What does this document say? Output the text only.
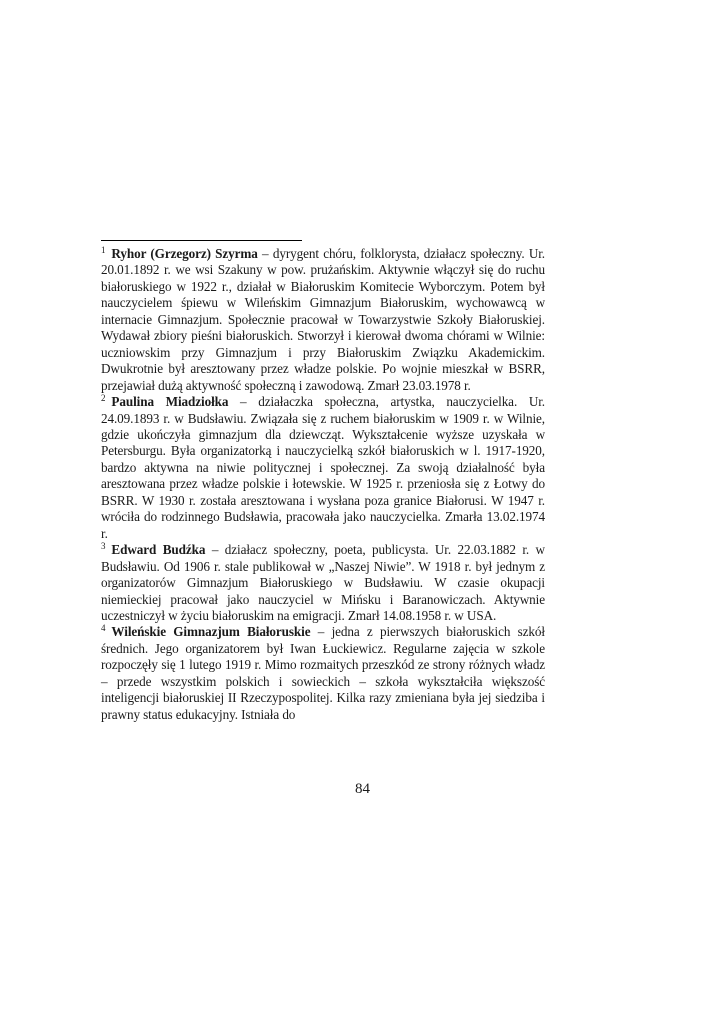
$^1$ Ryhor (Grzegorz) Szyrma – dyrygent chóru, folklorysta, działacz społeczny. Ur. 20.01.1892 r. we wsi Szakuny w pow. prużańskim. Aktywnie włączył się do ruchu białoruskiego w 1922 r., działał w Białoruskim Komitecie Wyborczym. Potem był nauczycielem śpiewu w Wileńskim Gimnazjum Białoruskim, wychowawcą w internacie Gimnazjum. Społecznie pracował w Towarzystwie Szkoły Białoruskiej. Wydawał zbiory pieśni białoruskich. Stworzył i kierował dwoma chórami w Wilnie: uczniowskim przy Gimnazjum i przy Białoruskim Związku Akademickim. Dwukrotnie był aresztowany przez władze polskie. Po wojnie mieszkał w BSRR, przejawiał dużą aktywność społeczną i zawodową. Zmarł 23.03.1978 r.

$^2$ Paulina Miadziołka – działaczka społeczna, artystka, nauczycielka. Ur. 24.09.1893 r. w Budsławiu. Związała się z ruchem białoruskim w 1909 r. w Wilnie, gdzie ukończyła gimnazjum dla dziewcząt. Wykształcenie wyższe uzyskała w Petersburgu. Była organizatorką i nauczycielką szkół białoruskich w l. 1917-1920, bardzo aktywna na niwie politycznej i społecznej. Za swoją działalność była aresztowana przez władze polskie i łotewskie. W 1925 r. przeniosła się z Łotwy do BSRR. W 1930 r. została aresztowana i wysłana poza granice Białorusi. W 1947 r. wróciła do rodzinnego Budsławia, pracowała jako nauczycielka. Zmarła 13.02.1974 r.

$^3$ Edward Budźka – działacz społeczny, poeta, publicysta. Ur. 22.03.1882 r. w Budsławiu. Od 1906 r. stale publikował w „Naszej Niwie”. W 1918 r. był jednym z organizatorów Gimnazjum Białoruskiego w Budsławiu. W czasie okupacji niemieckiej pracował jako nauczyciel w Mińsku i Baranowiczach. Aktywnie uczestniczył w życiu białoruskim na emigracji. Zmarł 14.08.1958 r. w USA.

$^4$ Wileńskie Gimnazjum Białoruskie – jedna z pierwszych białoruskich szkół średnich. Jego organizatorem był Iwan Łuckiewicz. Regularne zajęcia w szkole rozpoczęły się 1 lutego 1919 r. Mimo rozmaitych przeszkód ze strony różnych władz – przede wszystkim polskich i sowieckich – szkoła wykształciła większość inteligencji białoruskiej II Rzeczypospolitej. Kilka razy zmieniana była jej siedziba i prawny status edukacyjny. Istniała do

84
